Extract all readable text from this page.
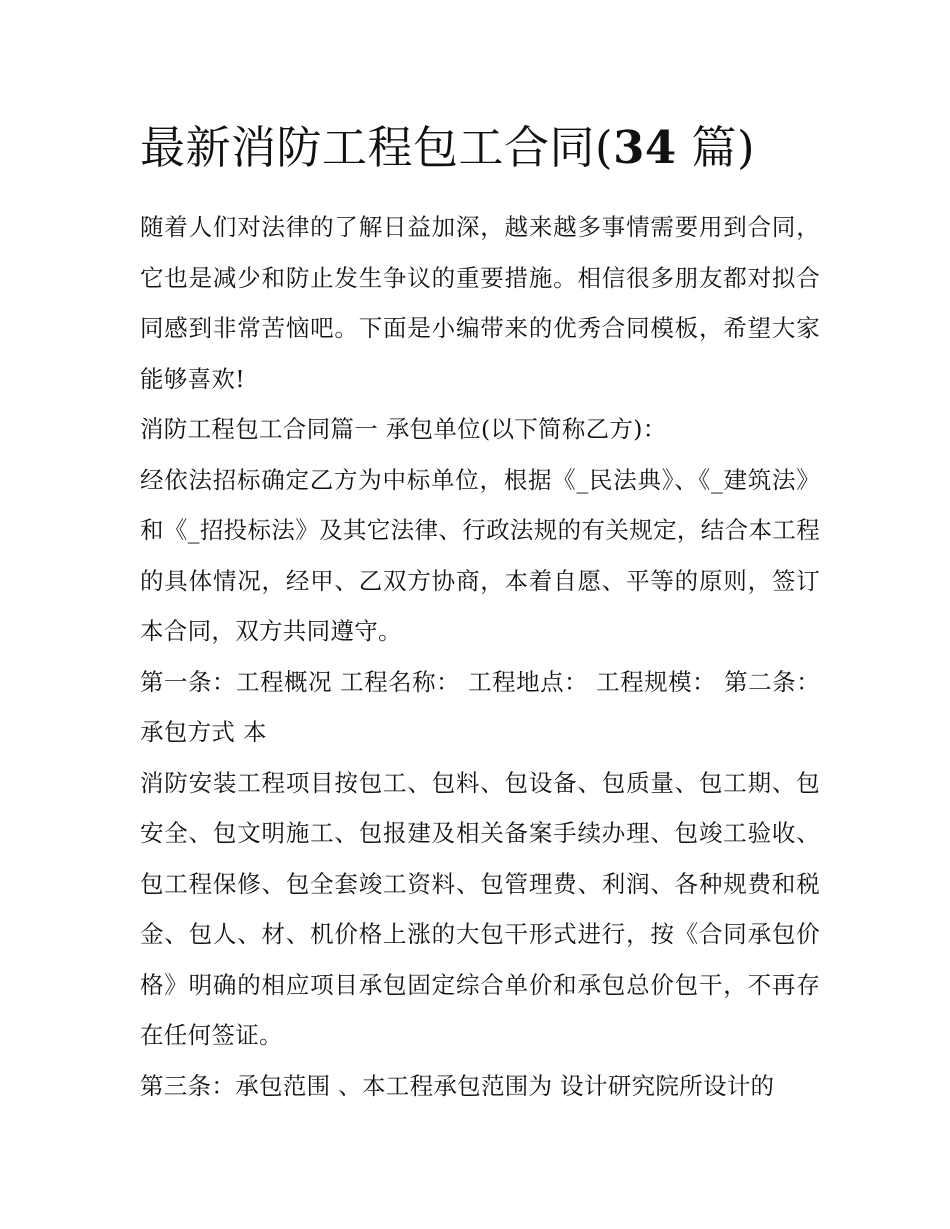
最新消防工程包工合同(34 篇)

随着人们对法律的了解日益加深，越来越多事情需要用到合同，它也是减少和防止发生争议的重要措施。相信很多朋友都对拟合同感到非常苦恼吧。下面是小编带来的优秀合同模板，希望大家能够喜欢!

消防工程包工合同篇一 承包单位(以下简称乙方)：

经依法招标确定乙方为中标单位，根据《_民法典》、《_建筑法》和《_招投标法》及其它法律、行政法规的有关规定，结合本工程的具体情况，经甲、乙双方协商，本着自愿、平等的原则，签订本合同，双方共同遵守。

第一条：工程概况 工程名称： 工程地点： 工程规模： 第二条：承包方式 本

消防安装工程项目按包工、包料、包设备、包质量、包工期、包安全、包文明施工、包报建及相关备案手续办理、包竣工验收、包工程保修、包全套竣工资料、包管理费、利润、各种规费和税金、包人、材、机价格上涨的大包干形式进行，按《合同承包价格》明确的相应项目承包固定综合单价和承包总价包干，不再存在任何签证。

第三条：承包范围 、本工程承包范围为 设计研究院所设计的
